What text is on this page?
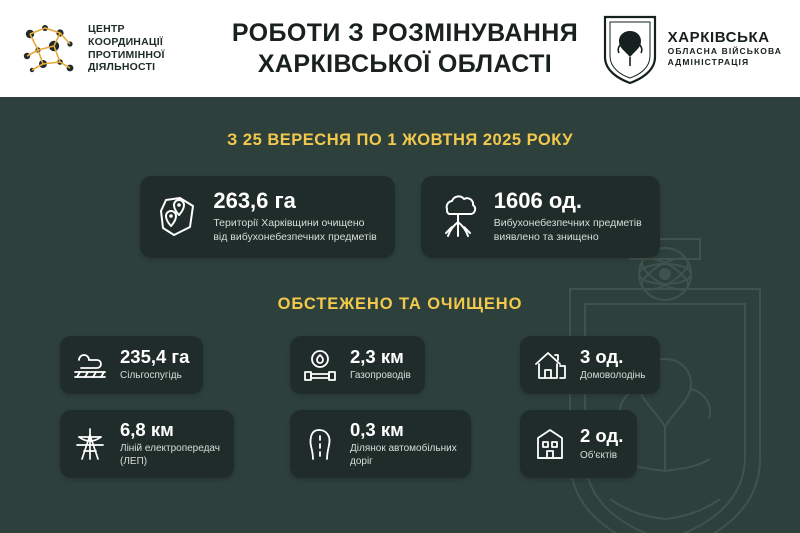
ЦЕНТР
КООРДИНАЦІЇ
ПРОТИМІННОЇ
ДІЯЛЬНОСТІ
РОБОТИ З РОЗМІНУВАННЯ
ХАРКІВСЬКОЇ ОБЛАСТІ
ХАРКІВСЬКА
ОБЛАСНА ВІЙСЬКОВА
АДМІНІСТРАЦІЯ
З 25 ВЕРЕСНЯ ПО 1 ЖОВТНЯ 2025 РОКУ
263,6 га
Території Харківщини очищено
від вибухонебезпечних предметів
1606 од.
Вибухонебезпечних предметів
виявлено та знищено
ОБСТЕЖЕНО ТА ОЧИЩЕНО
235,4 га
Сільгоспугідь
2,3 км
Газопроводів
3 од.
Домоволодінь
6,8 км
Ліній електропередач
(ЛЕП)
0,3 км
Ділянок автомобільних
доріг
2 од.
Об'єктів
